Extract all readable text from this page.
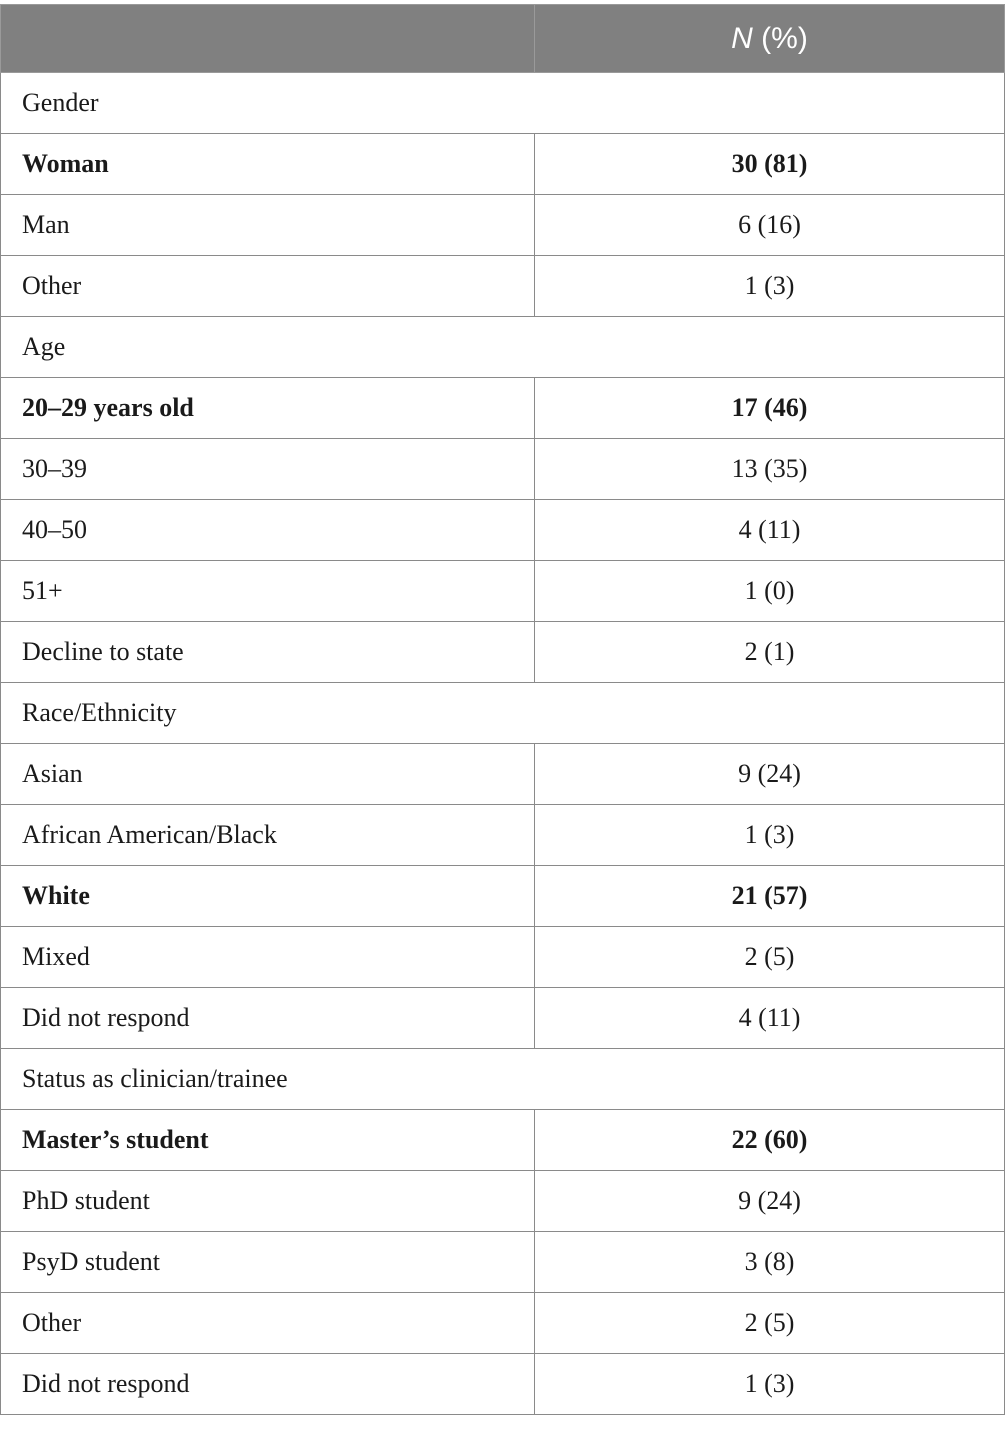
	N (%)
Gender	
Woman	30 (81)
Man	6 (16)
Other	1 (3)
Age	
20–29 years old	17 (46)
30–39	13 (35)
40–50	4 (11)
51+	1 (0)
Decline to state	2 (1)
Race/Ethnicity	
Asian	9 (24)
African American/Black	1 (3)
White	21 (57)
Mixed	2 (5)
Did not respond	4 (11)
Status as clinician/trainee	
Master’s student	22 (60)
PhD student	9 (24)
PsyD student	3 (8)
Other	2 (5)
Did not respond	1 (3)
